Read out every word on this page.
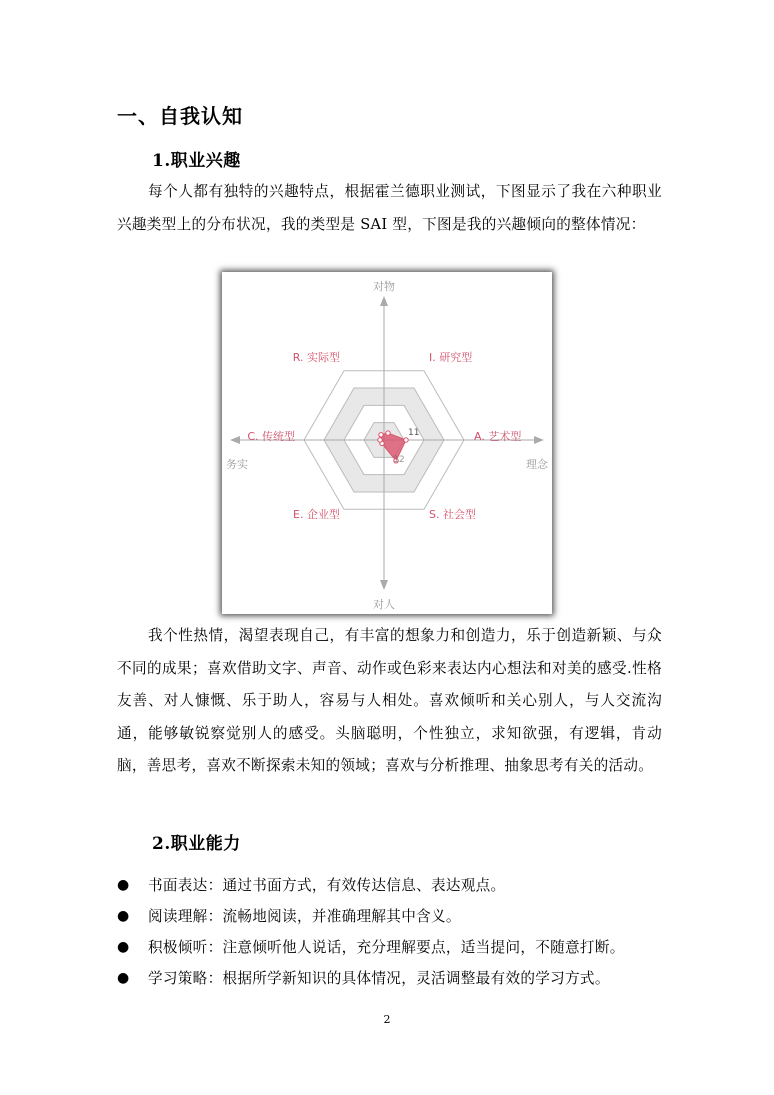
一、自我认知
1.职业兴趣
每个人都有独特的兴趣特点，根据霍兰德职业测试，下图显示了我在六种职业兴趣类型上的分布状况，我的类型是 SAI 型，下图是我的兴趣倾向的整体情况：
对物
对人
务实	理念
I. 研究型
A. 艺术型
S. 社会型
E. 企业型
C. 传统型
R. 实际型
11
12
我个性热情，渴望表现自己，有丰富的想象力和创造力，乐于创造新颖、与众不同的成果；喜欢借助文字、声音、动作或色彩来表达内心想法和对美的感受.性格友善、对人慷慨、乐于助人，容易与人相处。喜欢倾听和关心别人，与人交流沟通，能够敏锐察觉别人的感受。头脑聪明，个性独立，求知欲强，有逻辑，肯动脑，善思考，喜欢不断探索未知的领域；喜欢与分析推理、抽象思考有关的活动。
2.职业能力
● 书面表达：通过书面方式，有效传达信息、表达观点。
● 阅读理解：流畅地阅读，并准确理解其中含义。
● 积极倾听：注意倾听他人说话，充分理解要点，适当提问，不随意打断。
● 学习策略：根据所学新知识的具体情况，灵活调整最有效的学习方式。
2
